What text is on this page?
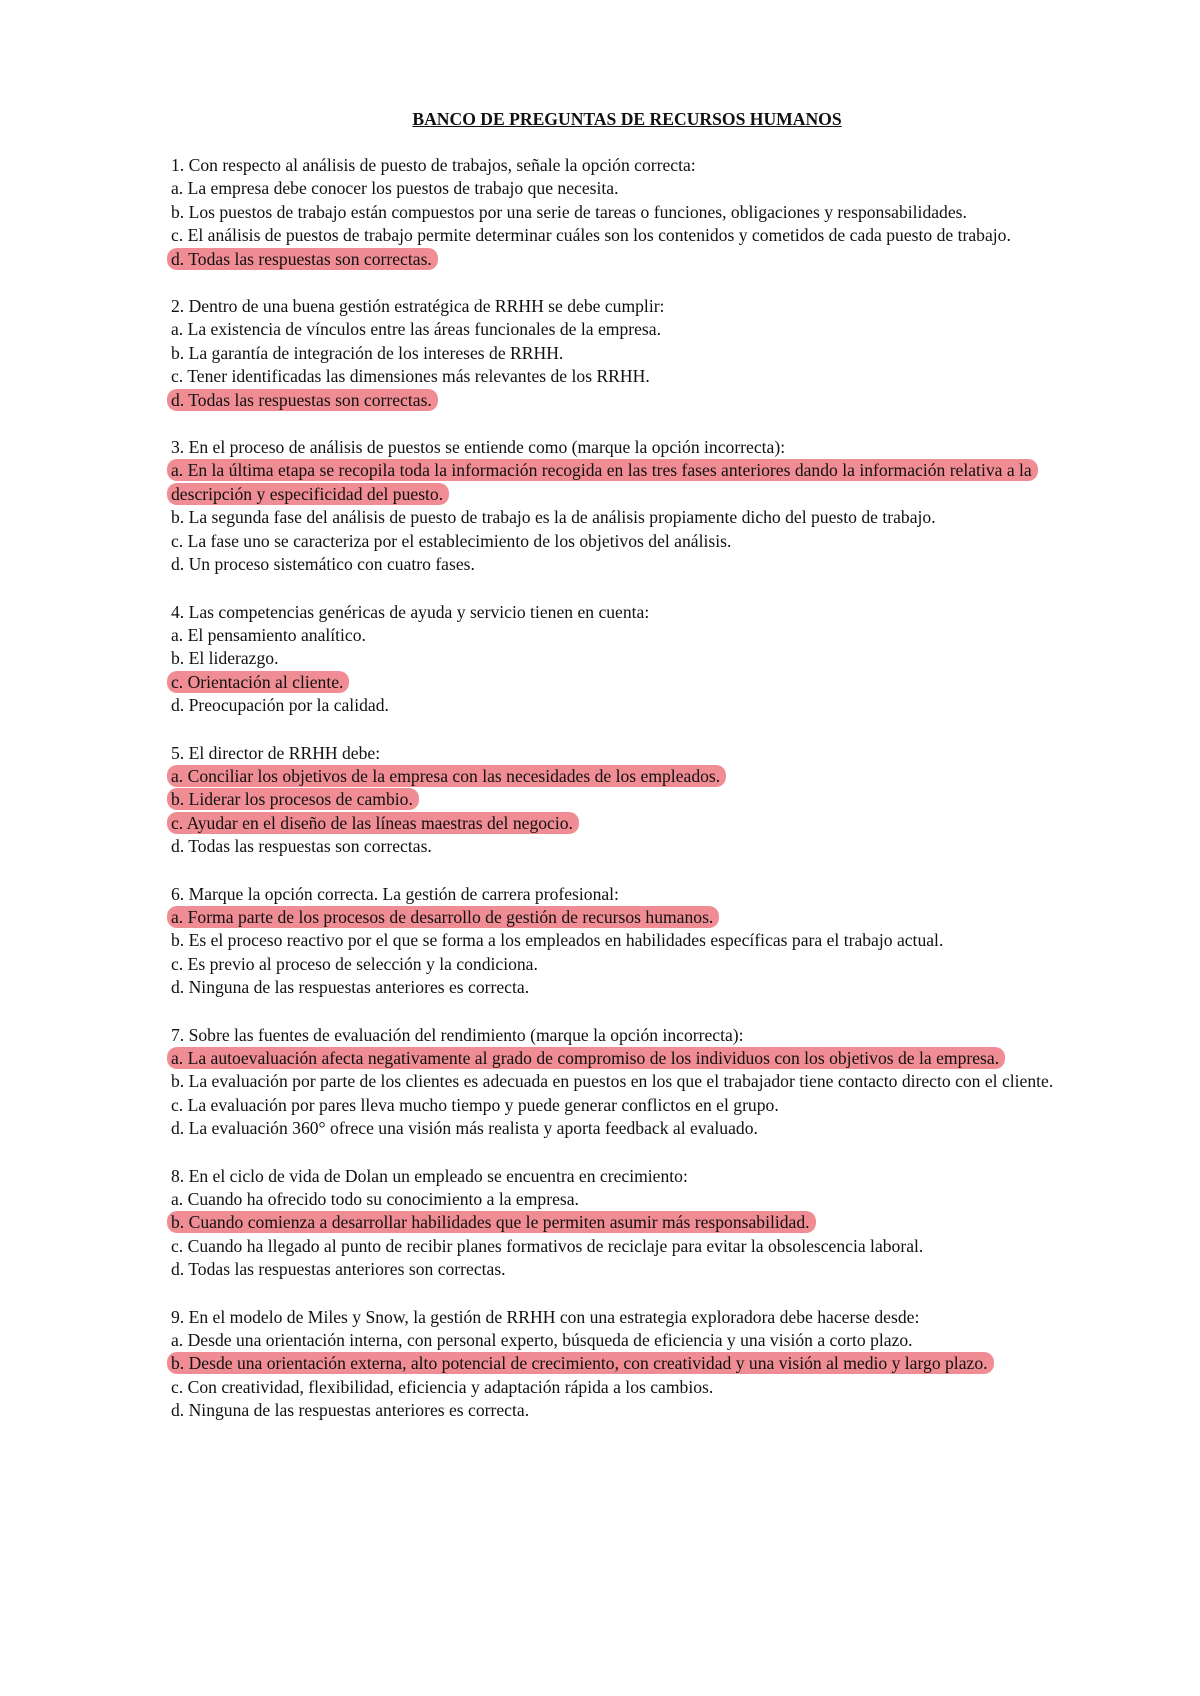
BANCO DE PREGUNTAS DE RECURSOS HUMANOS
1. Con respecto al análisis de puesto de trabajos, señale la opción correcta:
a. La empresa debe conocer los puestos de trabajo que necesita.
b. Los puestos de trabajo están compuestos por una serie de tareas o funciones, obligaciones y responsabilidades.
c. El análisis de puestos de trabajo permite determinar cuáles son los contenidos y cometidos de cada puesto de trabajo.
d. Todas las respuestas son correctas.
2. Dentro de una buena gestión estratégica de RRHH se debe cumplir:
a. La existencia de vínculos entre las áreas funcionales de la empresa.
b. La garantía de integración de los intereses de RRHH.
c. Tener identificadas las dimensiones más relevantes de los RRHH.
d. Todas las respuestas son correctas.
3. En el proceso de análisis de puestos se entiende como (marque la opción incorrecta):
a. En la última etapa se recopila toda la información recogida en las tres fases anteriores dando la información relativa a la descripción y especificidad del puesto.
b. La segunda fase del análisis de puesto de trabajo es la de análisis propiamente dicho del puesto de trabajo.
c. La fase uno se caracteriza por el establecimiento de los objetivos del análisis.
d. Un proceso sistemático con cuatro fases.
4. Las competencias genéricas de ayuda y servicio tienen en cuenta:
a. El pensamiento analítico.
b. El liderazgo.
c. Orientación al cliente.
d. Preocupación por la calidad.
5. El director de RRHH debe:
a. Conciliar los objetivos de la empresa con las necesidades de los empleados.
b. Liderar los procesos de cambio.
c. Ayudar en el diseño de las líneas maestras del negocio.
d. Todas las respuestas son correctas.
6. Marque la opción correcta. La gestión de carrera profesional:
a. Forma parte de los procesos de desarrollo de gestión de recursos humanos.
b. Es el proceso reactivo por el que se forma a los empleados en habilidades específicas para el trabajo actual.
c. Es previo al proceso de selección y la condiciona.
d. Ninguna de las respuestas anteriores es correcta.
7. Sobre las fuentes de evaluación del rendimiento (marque la opción incorrecta):
a. La autoevaluación afecta negativamente al grado de compromiso de los individuos con los objetivos de la empresa.
b. La evaluación por parte de los clientes es adecuada en puestos en los que el trabajador tiene contacto directo con el cliente.
c. La evaluación por pares lleva mucho tiempo y puede generar conflictos en el grupo.
d. La evaluación 360° ofrece una visión más realista y aporta feedback al evaluado.
8. En el ciclo de vida de Dolan un empleado se encuentra en crecimiento:
a. Cuando ha ofrecido todo su conocimiento a la empresa.
b. Cuando comienza a desarrollar habilidades que le permiten asumir más responsabilidad.
c. Cuando ha llegado al punto de recibir planes formativos de reciclaje para evitar la obsolescencia laboral.
d. Todas las respuestas anteriores son correctas.
9. En el modelo de Miles y Snow, la gestión de RRHH con una estrategia exploradora debe hacerse desde:
a. Desde una orientación interna, con personal experto, búsqueda de eficiencia y una visión a corto plazo.
b. Desde una orientación externa, alto potencial de crecimiento, con creatividad y una visión al medio y largo plazo.
c. Con creatividad, flexibilidad, eficiencia y adaptación rápida a los cambios.
d. Ninguna de las respuestas anteriores es correcta.
